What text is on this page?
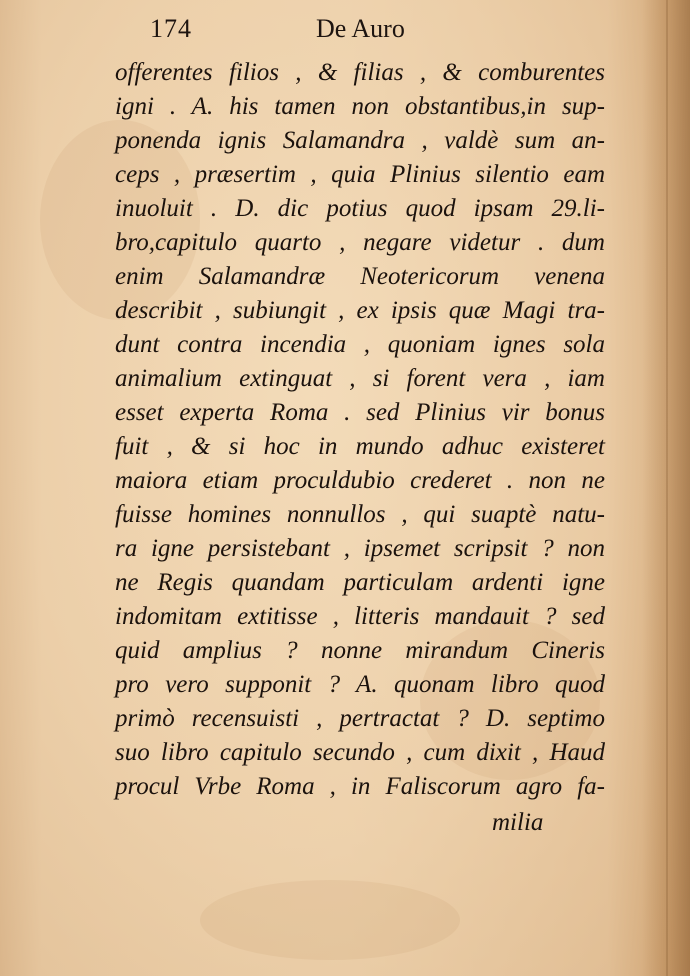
174	De Auro
offerentes filios , & filias , & comburentes
igni . A. his tamen non obstantibus,in sup-
ponenda ignis Salamandra , valdè sum an-
ceps , præsertim , quia Plinius silentio eam
inuoluit . D. dic potius quod ipsam 29.li-
bro,capitulo quarto , negare videtur . dum
enim Salamandræ Neotericorum venena
describit , subiungit , ex ipsis quæ Magi tra-
dunt contra incendia , quoniam ignes sola
animalium extinguat , si forent vera , iam
esset experta Roma . sed Plinius vir bonus
fuit , & si hoc in mundo adhuc existeret
maiora etiam proculdubio crederet . non ne
fuisse homines nonnullos , qui suaptè natu-
ra igne persistebant , ipsemet scripsit ? non
ne Regis quandam particulam ardenti igne
indomitam extitisse , litteris mandauit ? sed
quid amplius ? nonne mirandum Cineris
pro vero supponit ? A. quonam libro quod
primò recensuisti , pertractat ? D. septimo
suo libro capitulo secundo , cum dixit , Haud
procul Vrbe Roma , in Faliscorum agro fa-
milia
